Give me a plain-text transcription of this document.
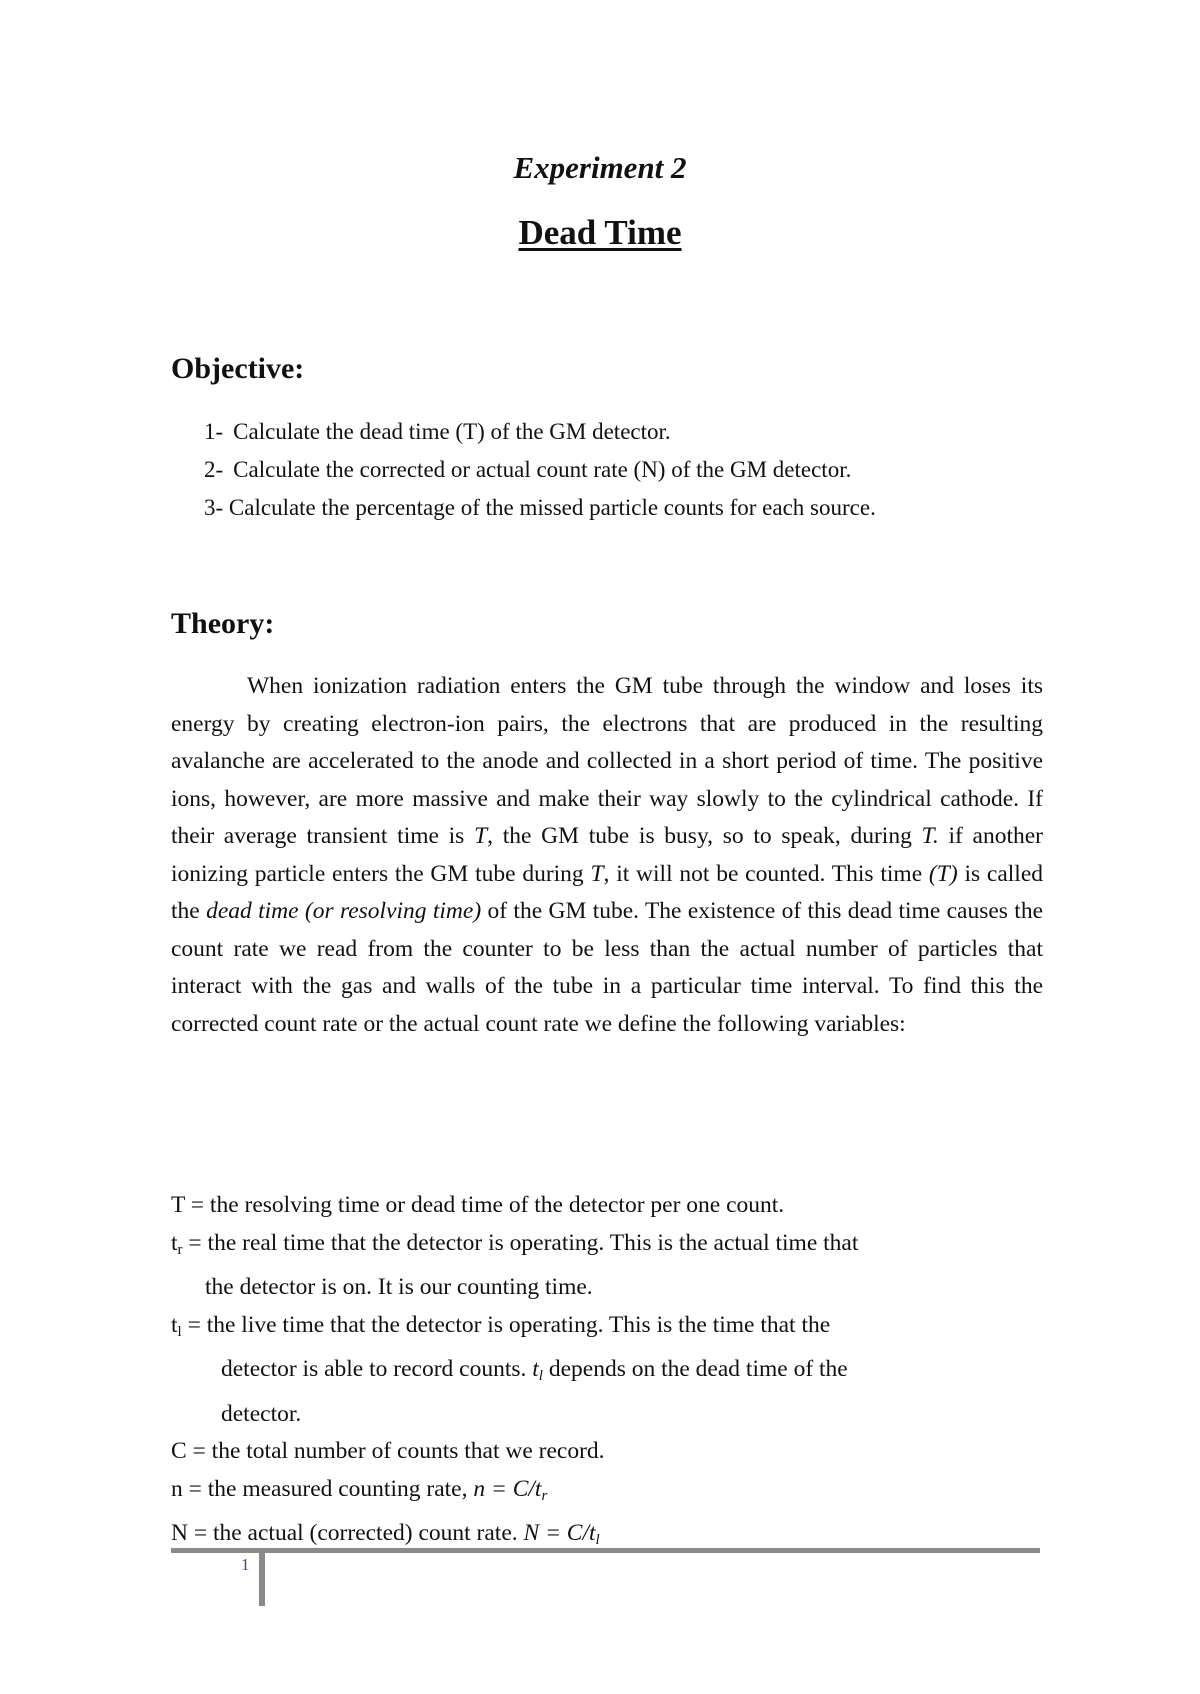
Experiment 2
Dead Time
Objective:
1- Calculate the dead time (T) of the GM detector.
2- Calculate the corrected or actual count rate (N) of the GM detector.
3- Calculate the percentage of the missed particle counts for each source.
Theory:

When ionization radiation enters the GM tube through the window and loses its energy by creating electron-ion pairs, the electrons that are produced in the resulting avalanche are accelerated to the anode and collected in a short period of time. The positive ions, however, are more massive and make their way slowly to the cylindrical cathode. If their average transient time is T, the GM tube is busy, so to speak, during T. if another ionizing particle enters the GM tube during T, it will not be counted. This time (T) is called the dead time (or resolving time) of the GM tube. The existence of this dead time causes the count rate we read from the counter to be less than the actual number of particles that interact with the gas and walls of the tube in a particular time interval. To find this the corrected count rate or the actual count rate we define the following variables:

T = the resolving time or dead time of the detector per one count.
$t_r$ = the real time that the detector is operating. This is the actual time that
the detector is on. It is our counting time.
$t_l$ = the live time that the detector is operating. This is the time that the
detector is able to record counts. $t_l$ depends on the dead time of the
detector.
C = the total number of counts that we record.
n = the measured counting rate, $n = C/t_r$
N = the actual (corrected) count rate. $N = C/t_l$
1
